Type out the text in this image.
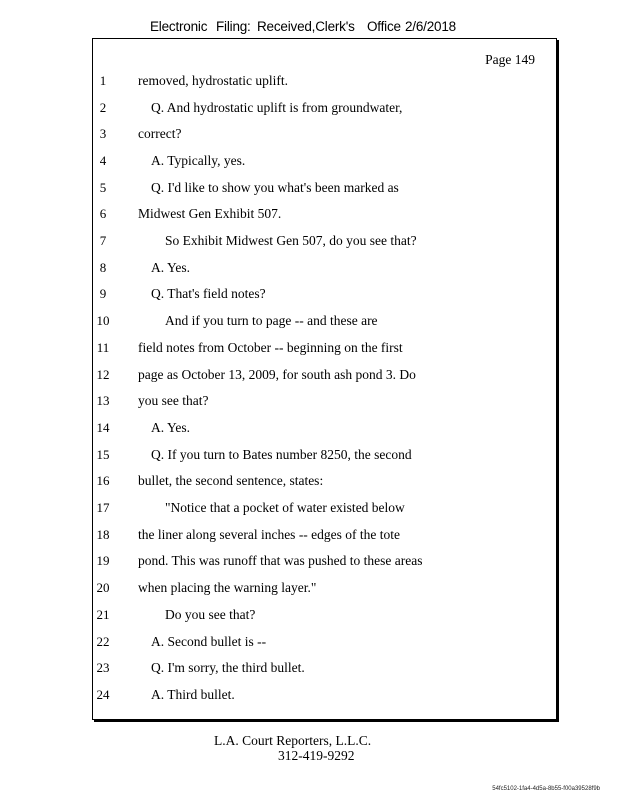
Electronic Filing: Received,Clerk's Office 2/6/2018
Page 149
1	removed, hydrostatic uplift.
2	Q. And hydrostatic uplift is from groundwater,
3	correct?
4	A. Typically, yes.
5	Q. I'd like to show you what's been marked as
6	Midwest Gen Exhibit 507.
7	So Exhibit Midwest Gen 507, do you see that?
8	A. Yes.
9	Q. That's field notes?
10	And if you turn to page -- and these are
11 field notes from October -- beginning on the first
12 page as October 13, 2009, for south ash pond 3. Do
13 you see that?
14	A. Yes.
15	Q. If you turn to Bates number 8250, the second
16 bullet, the second sentence, states:
17	"Notice that a pocket of water existed below
18 the liner along several inches -- edges of the tote
19 pond. This was runoff that was pushed to these areas
20 when placing the warning layer."
21	Do you see that?
22	A. Second bullet is --
23	Q. I'm sorry, the third bullet.
24	A. Third bullet.
L.A. Court Reporters, L.L.C.
312-419-9292
54fc5102-1fa4-4d5a-8b55-f00a39528f9b
